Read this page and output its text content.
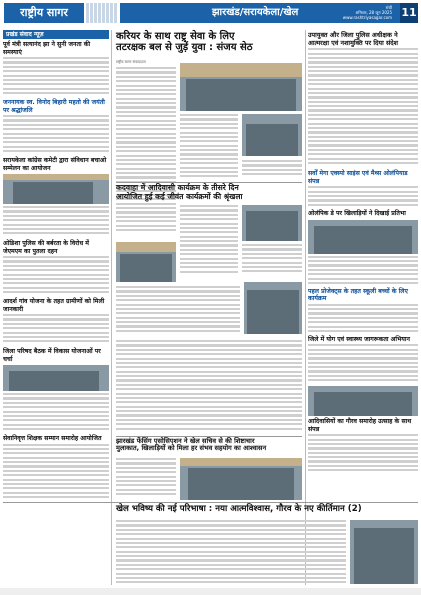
राष्ट्रीय सागर	झारखंड/सरायकेला/खेल	रांची
शनिवार, 28 जून 2025
www.rashtriyasagar.com 11
प्रखंड संवाद न्यूज़
पूर्व मंत्री सत्यानंद झा ने सुनी जनता की समस्याएं
जननायक स्व. विनोद बिहारी महतो की जयंती पर श्रद्धांजलि
सरायकेला कांग्रेस कमेटी द्वारा संविधान बचाओ सम्मेलन का आयोजन
ओडिशा पुलिस की बर्बरता के विरोध में जेएमएम का पुतला दहन
आदर्श गांव योजना के तहत ग्रामीणों को मिली जानकारी
जिला परिषद बैठक में विकास योजनाओं पर चर्चा
सेवानिवृत्त शिक्षक सम्मान समारोह आयोजित
करियर के साथ राष्ट्र सेवा के लिए
तटरक्षक बल से जुड़ें युवा : संजय सेठ
राष्ट्रीय सागर संवाददाता
कदवाहा में आदिवासी कार्यक्रम के तीसरे दिन
आयोजित हुई कई जीवंत कार्यक्रमों की श्रृंखला
झारखंड फेंसिंग एसोसिएशन ने खेल सचिव से की शिष्टाचार
मुलाकात, खिलाड़ियों को मिला हर संभव सहयोग का आश्वासन
खेल भविष्य की नई परिभाषा : नया आत्मविश्वास, गौरव के नए कीर्तिमान (2)
उपायुक्त और जिला पुलिस अधीक्षक ने आत्मरक्षा एवं नशामुक्ति पर दिया संदेश
सर्वों मेगा एक्स्पो साइंस एवं मैथ्स ओलंपियाड संपन्न
ओलंपिक डे पर खिलाड़ियों ने दिखाई प्रतिभा
पहल प्रोजेक्ट्स के तहत स्कूली बच्चों के लिए कार्यक्रम
जिले में योग एवं स्वास्थ्य जागरूकता अभियान
आदिवासियों का गौरव समारोह उत्साह के साथ संपन्न
